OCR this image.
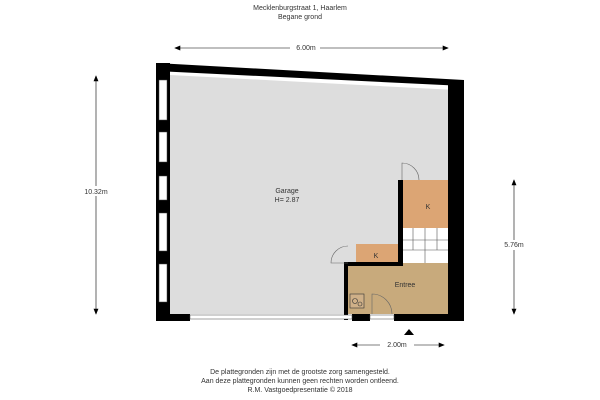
Mecklenburgstraat 1, Haarlem
Begane grond
6.00m
10.32m
5.76m
2.00m
Garage
H= 2.87
K
K
Entree
De plattegronden zijn met de grootste zorg samengesteld.
Aan deze plattegronden kunnen geen rechten worden ontleend.
R.M. Vastgoedpresentatie © 2018
